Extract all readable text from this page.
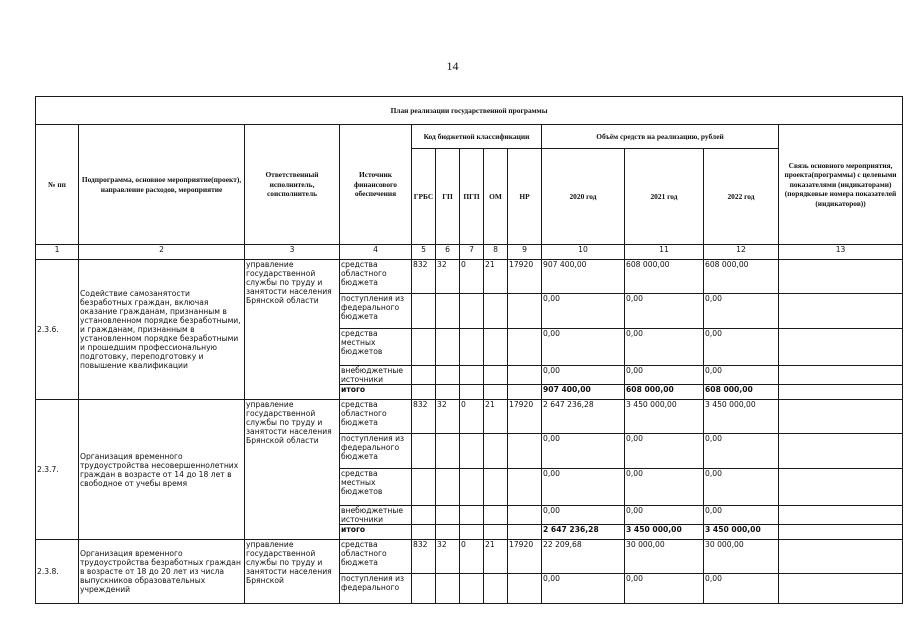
14
План реализации государственной программы												
№ пп	Подпрограмма, основное мероприятие(проект), направление расходов, мероприятие	Ответственный исполнитель, соисполнитель	Источник финансового обеспечения	Код бюджетной классификации					Объём средств на реализацию, рублей			Связь основного мероприятия, проекта(программы) с целевыми показателями (индикаторами) (порядковые номера показателей (индикаторов))
				ГРБС	ГП	ПГП	ОМ	НР	2020 год	2021 год	2022 год	
1	2	3	4	5	6	7	8	9	10	11	12	13
2.3.6.	Содействие самозанятости безработных граждан, включая оказание гражданам, признанным в установленном порядке безработными, и гражданам, признанным в установленном порядке безработными и прошедшим профессиональную подготовку, переподготовку и повышение квалификации	управление государственной службы по труду и занятости населения Брянской области	средства областного бюджета	832	32	0	21	17920	907 400,00	608 000,00	608 000,00	
			поступления из федерального бюджета						0,00	0,00	0,00	
			средства местных бюджетов						0,00	0,00	0,00	
			внебюджетные источники						0,00	0,00	0,00	
			итого						907 400,00	608 000,00	608 000,00	
2.3.7.	Организация временного трудоустройства несовершеннолетних граждан в возрасте от 14 до 18 лет в свободное от учебы время	управление государственной службы по труду и занятости населения Брянской области	средства областного бюджета	832	32	0	21	17920	2 647 236,28	3 450 000,00	3 450 000,00	
			поступления из федерального бюджета						0,00	0,00	0,00	
			средства местных бюджетов						0,00	0,00	0,00	
			внебюджетные источники						0,00	0,00	0,00	
			итого						2 647 236,28	3 450 000,00	3 450 000,00	
2.3.8.	Организация временного трудоустройства безработных граждан в возрасте от 18 до 20 лет из числа выпускников образовательных учреждений	управление государственной службы по труду и занятости населения Брянской	средства областного бюджета	832	32	0	21	17920	22 209,68	30 000,00	30 000,00	
			поступления из федерального						0,00	0,00	0,00	
